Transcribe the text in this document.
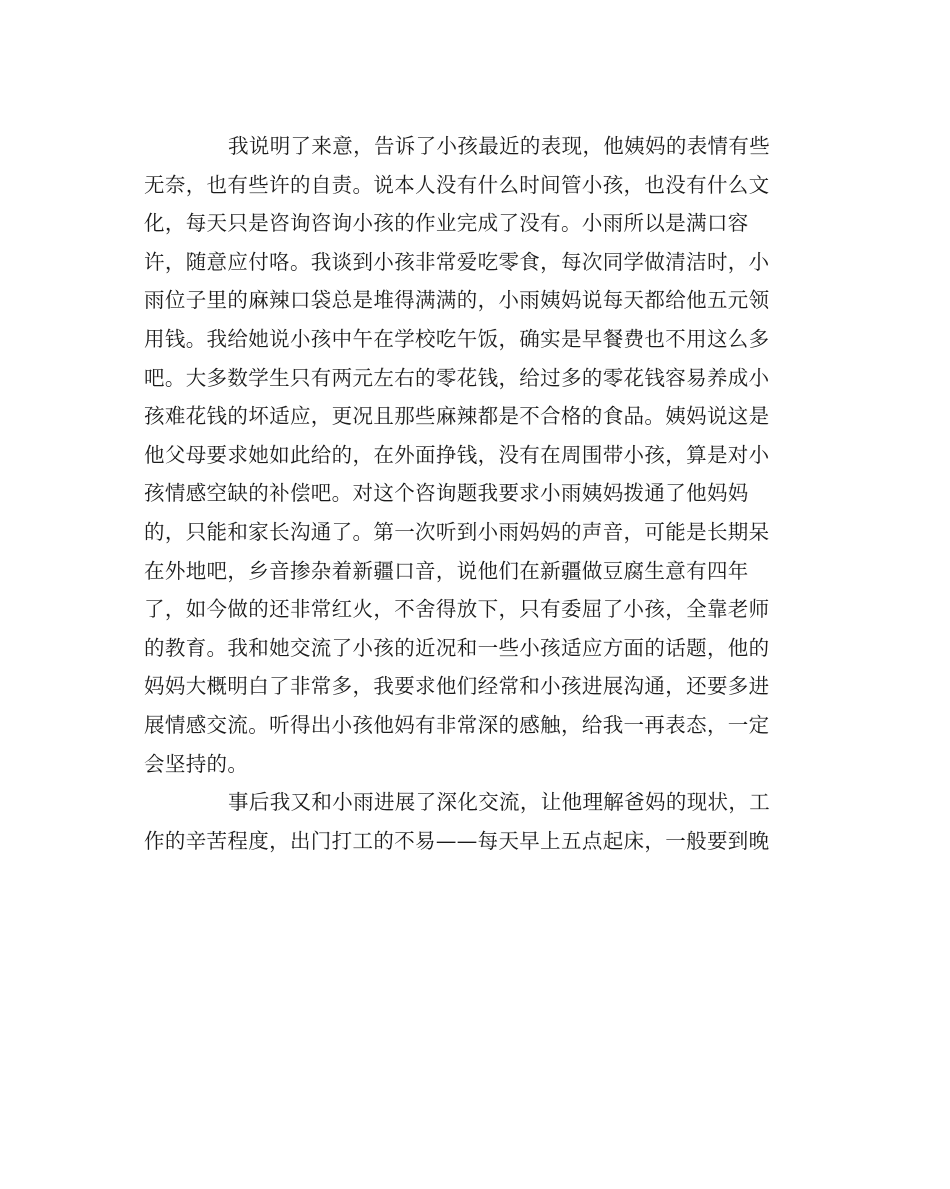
我说明了来意，告诉了小孩最近的表现，他姨妈的表情有些
无奈，也有些许的自责。说本人没有什么时间管小孩，也没有什么文
化，每天只是咨询咨询小孩的作业完成了没有。小雨所以是满口容
许，随意应付咯。我谈到小孩非常爱吃零食，每次同学做清洁时，小
雨位子里的麻辣口袋总是堆得满满的，小雨姨妈说每天都给他五元领
用钱。我给她说小孩中午在学校吃午饭，确实是早餐费也不用这么多
吧。大多数学生只有两元左右的零花钱，给过多的零花钱容易养成小
孩难花钱的坏适应，更况且那些麻辣都是不合格的食品。姨妈说这是
他父母要求她如此给的，在外面挣钱，没有在周围带小孩，算是对小
孩情感空缺的补偿吧。对这个咨询题我要求小雨姨妈拨通了他妈妈
的，只能和家长沟通了。第一次听到小雨妈妈的声音，可能是长期呆
在外地吧，乡音掺杂着新疆口音，说他们在新疆做豆腐生意有四年
了，如今做的还非常红火，不舍得放下，只有委屈了小孩，全靠老师
的教育。我和她交流了小孩的近况和一些小孩适应方面的话题，他的
妈妈大概明白了非常多，我要求他们经常和小孩进展沟通，还要多进
展情感交流。听得出小孩他妈有非常深的感触，给我一再表态，一定
会坚持的。
事后我又和小雨进展了深化交流，让他理解爸妈的现状，工
作的辛苦程度，出门打工的不易——每天早上五点起床，一般要到晚
